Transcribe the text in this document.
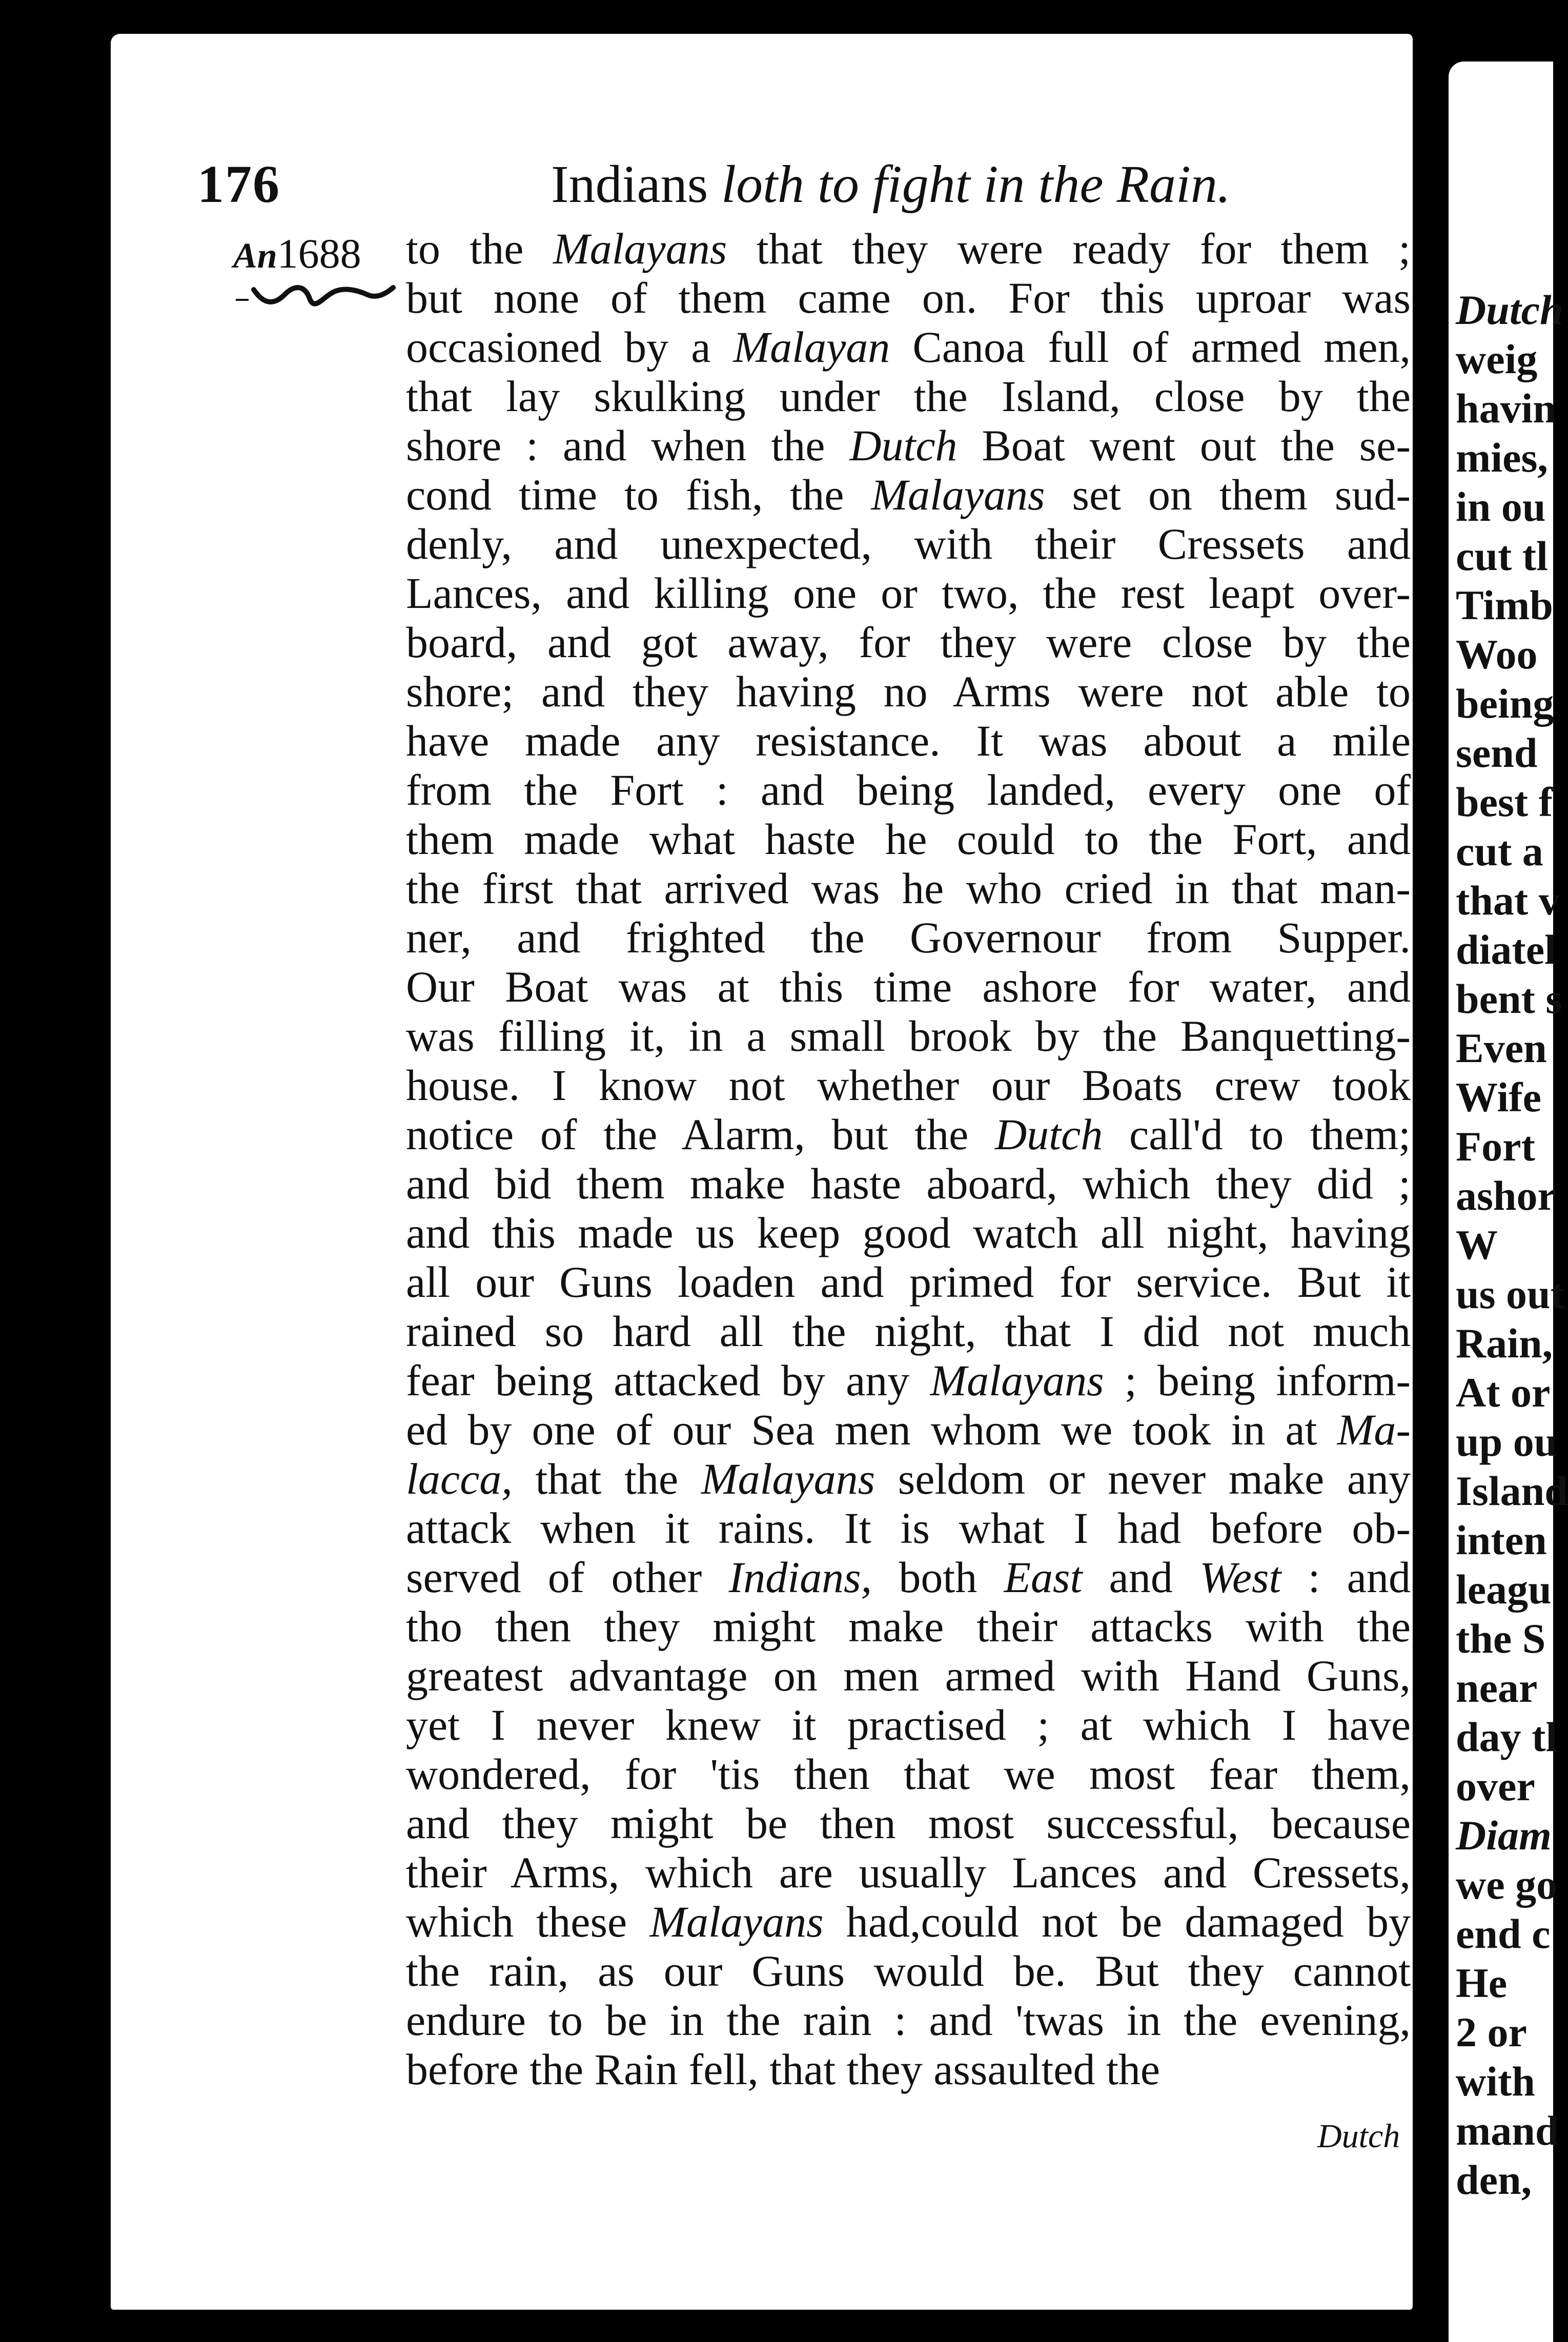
176	Indians loth to fight in the Rain.
An1688 to the Malayans that they were ready for them ;
but none of them came on. For this uproar was
occasioned by a Malayan Canoa full of armed men,
that lay skulking under the Island, close by the
shore : and when the Dutch Boat went out the se-
cond time to fish, the Malayans set on them sud-
denly, and unexpected, with their Cressets and
Lances, and killing one or two, the rest leapt over-
board, and got away, for they were close by the
shore; and they having no Arms were not able to
have made any resistance. It was about a mile
from the Fort : and being landed, every one of
them made what haste he could to the Fort, and
the first that arrived was he who cried in that man-
ner, and frighted the Governour from Supper.
Our Boat was at this time ashore for water, and
was filling it, in a small brook by the Banquetting-
house. I know not whether our Boats crew took
notice of the Alarm, but the Dutch call'd to them;
and bid them make haste aboard, which they did ;
and this made us keep good watch all night, having
all our Guns loaden and primed for service. But it
rained so hard all the night, that I did not much
fear being attacked by any Malayans ; being inform-
ed by one of our Sea men whom we took in at Ma-
lacca, that the Malayans seldom or never make any
attack when it rains. It is what I had before ob-
served of other Indians, both East and West : and
tho then they might make their attacks with the
greatest advantage on men armed with Hand Guns,
yet I never knew it practised ; at which I have
wondered, for 'tis then that we most fear them,
and they might be then most successful, because
their Arms, which are usually Lances and Cressets,
which these Malayans had,could not be damaged by
the rain, as our Guns would be. But they cannot
endure to be in the rain : and 'twas in the evening,
before the Rain fell, that they assaulted the
Dutch
Dutch
weig
havin
mies,
in ou
cut tl
Timb
Woo
being
send
best f
cut a
that v
diatel
bent s
Even
Wife
Fort
ashor
W
us out
Rain,
At or
up ou
Island
inten
leagu
the S
near
day tl
over
Diam
we go
end c
He
2 or
with
mand
den,
